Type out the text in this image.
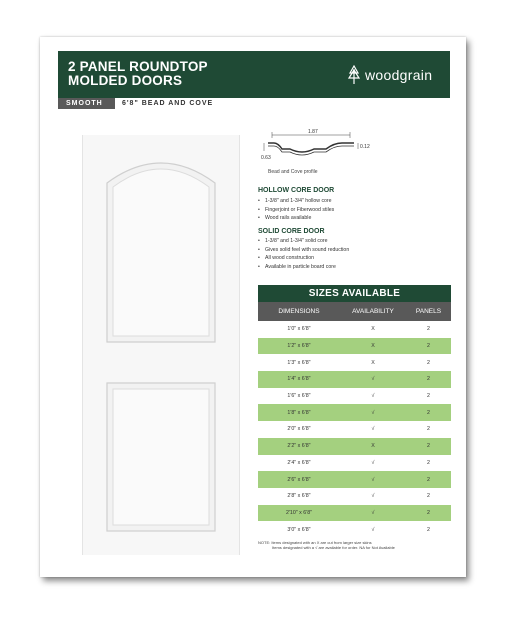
2 PANEL ROUNDTOP
MOLDED DOORS	woodgrain
SMOOTH	6'8" BEAD AND COVE
1.87
0.12
0.63
Bead and Cove profile
HOLLOW CORE DOOR
• 1-3/8" and 1-3/4" hollow core
• Fingerjoint or Fiberwood stiles
• Wood rails available
SOLID CORE DOOR
• 1-3/8" and 1-3/4" solid core
• Gives solid feel with sound reduction
• All wood construction
• Available in particle board core
SIZES AVAILABLE
DIMENSIONS	AVAILABILITY	PANELS
1'0" x 6'8"	X	2
1'2" x 6'8"	X	2
1'3" x 6'8"	X	2
1'4" x 6'8"	√	2
1'6" x 6'8"	√	2
1'8" x 6'8"	√	2
2'0" x 6'8"	√	2
2'2" x 6'8"	X	2
2'4" x 6'8"	√	2
2'6" x 6'8"	√	2
2'8" x 6'8"	√	2
2'10" x 6'8"	√	2
3'0" x 6'8"	√	2
NOTE: Items designated with an X are cut from larger size skins
Items designated with a √ are available for order. NA for Not Available
